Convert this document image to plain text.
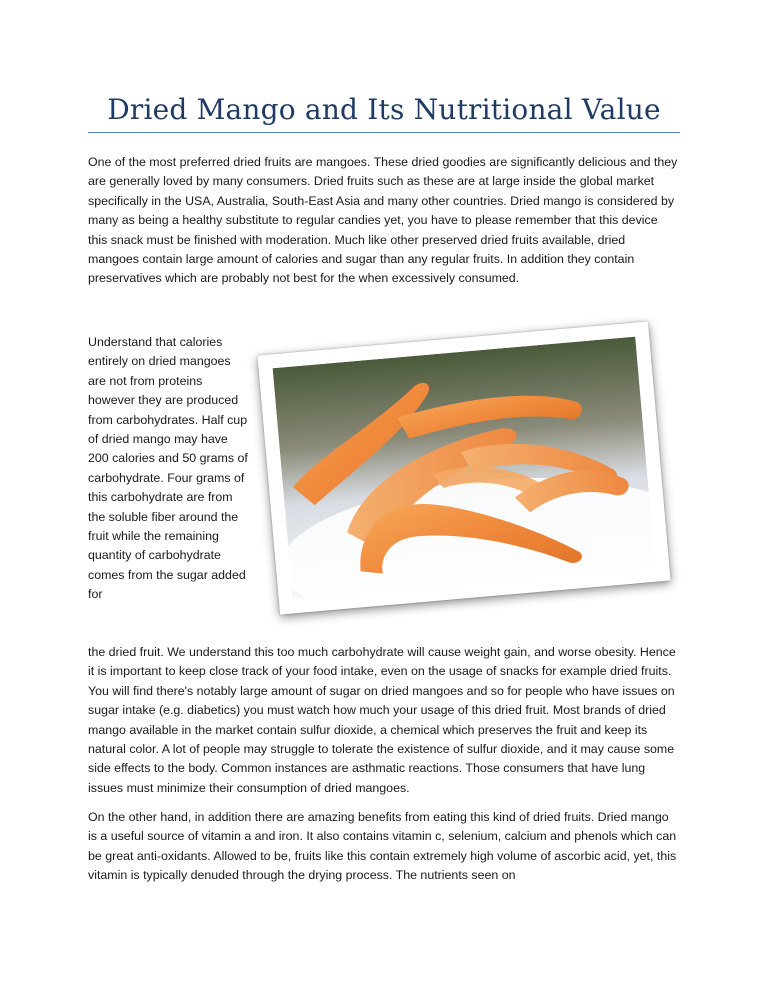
Dried Mango and Its Nutritional Value

One of the most preferred dried fruits are mangoes. These dried goodies are significantly delicious and they are generally loved by many consumers. Dried fruits such as these are at large inside the global market specifically in the USA, Australia, South-East Asia and many other countries. Dried mango is considered by many as being a healthy substitute to regular candies yet, you have to please remember that this device this snack must be finished with moderation. Much like other preserved dried fruits available, dried mangoes contain large amount of calories and sugar than any regular fruits. In addition they contain preservatives which are probably not best for the when excessively consumed.

Understand that calories entirely on dried mangoes are not from proteins however they are produced from carbohydrates. Half cup of dried mango may have 200 calories and 50 grams of carbohydrate. Four grams of this carbohydrate are from the soluble fiber around the fruit while the remaining quantity of carbohydrate comes from the sugar added for

the dried fruit. We understand this too much carbohydrate will cause weight gain, and worse obesity. Hence it is important to keep close track of your food intake, even on the usage of snacks for example dried fruits. You will find there's notably large amount of sugar on dried mangoes and so for people who have issues on sugar intake (e.g. diabetics) you must watch how much your usage of this dried fruit. Most brands of dried mango available in the market contain sulfur dioxide, a chemical which preserves the fruit and keep its natural color. A lot of people may struggle to tolerate the existence of sulfur dioxide, and it may cause some side effects to the body. Common instances are asthmatic reactions. Those consumers that have lung issues must minimize their consumption of dried mangoes.

On the other hand, in addition there are amazing benefits from eating this kind of dried fruits. Dried mango is a useful source of vitamin a and iron. It also contains vitamin c, selenium, calcium and phenols which can be great anti-oxidants. Allowed to be, fruits like this contain extremely high volume of ascorbic acid, yet, this vitamin is typically denuded through the drying process. The nutrients seen on
